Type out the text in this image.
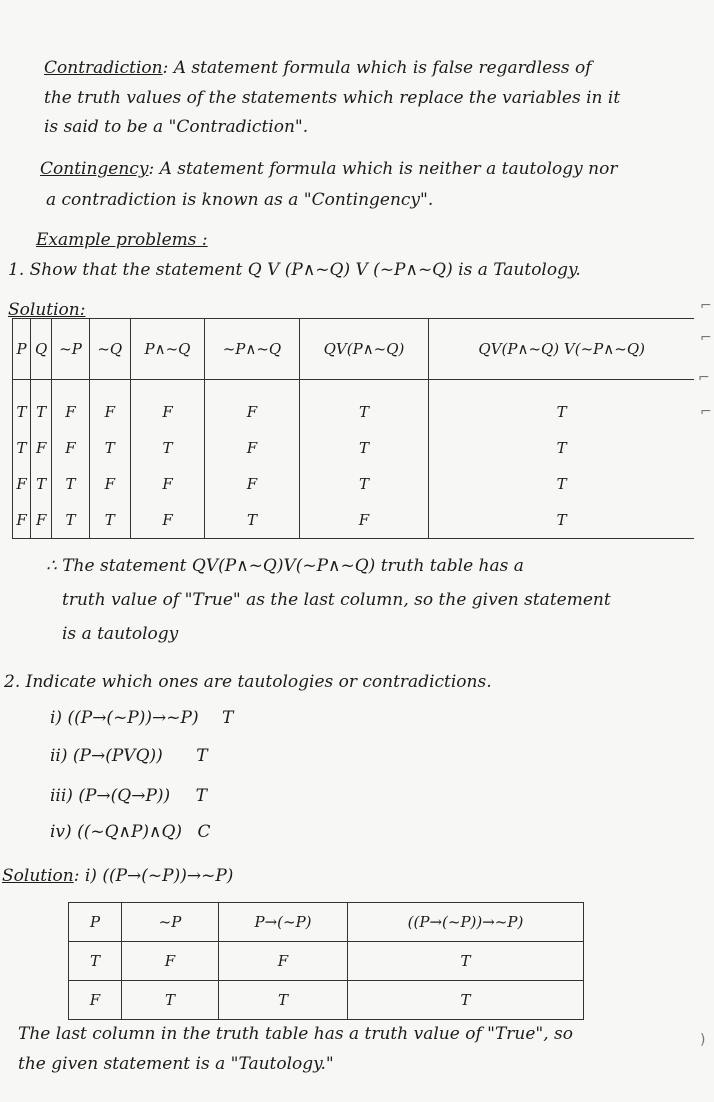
Contradiction: A statement formula which is false regardless of
the truth values of the statements which replace the variables in it
is said to be a "Contradiction".
Contingency: A statement formula which is neither a tautology nor
a contradiction is known as a "Contingency".
Example problems :
1. Show that the statement Q V (P∧~Q) V (~P∧~Q) is a Tautology.
Solution:
P	Q	~P	~Q	P∧~Q	~P∧~Q	QV(P∧~Q)	QV(P∧~Q) V(~P∧~Q)
T	T	F	F	F	F	T	T
T	F	F	T	T	F	T	T
F	T	T	F	F	F	T	T
F	F	T	T	F	T	F	T
∴ The statement QV(P∧~Q)V(~P∧~Q) truth table has a
truth value of "True" as the last column, so the given statement
is a tautology
2. Indicate which ones are tautologies or contradictions.
i) ((P→(~P))→~P) T
ii) (P→(PVQ)) T
iii) (P→(Q→P)) T
iv) ((~Q∧P)∧Q) C
Solution: i) ((P→(~P))→~P)
P	~P	P→(~P)	((P→(~P))→~P)
T	F	F	T
F	T	T	T
The last column in the truth table has a truth value of "True", so
the given statement is a "Tautology."
⌐
⌐
⌐
⌐
)
